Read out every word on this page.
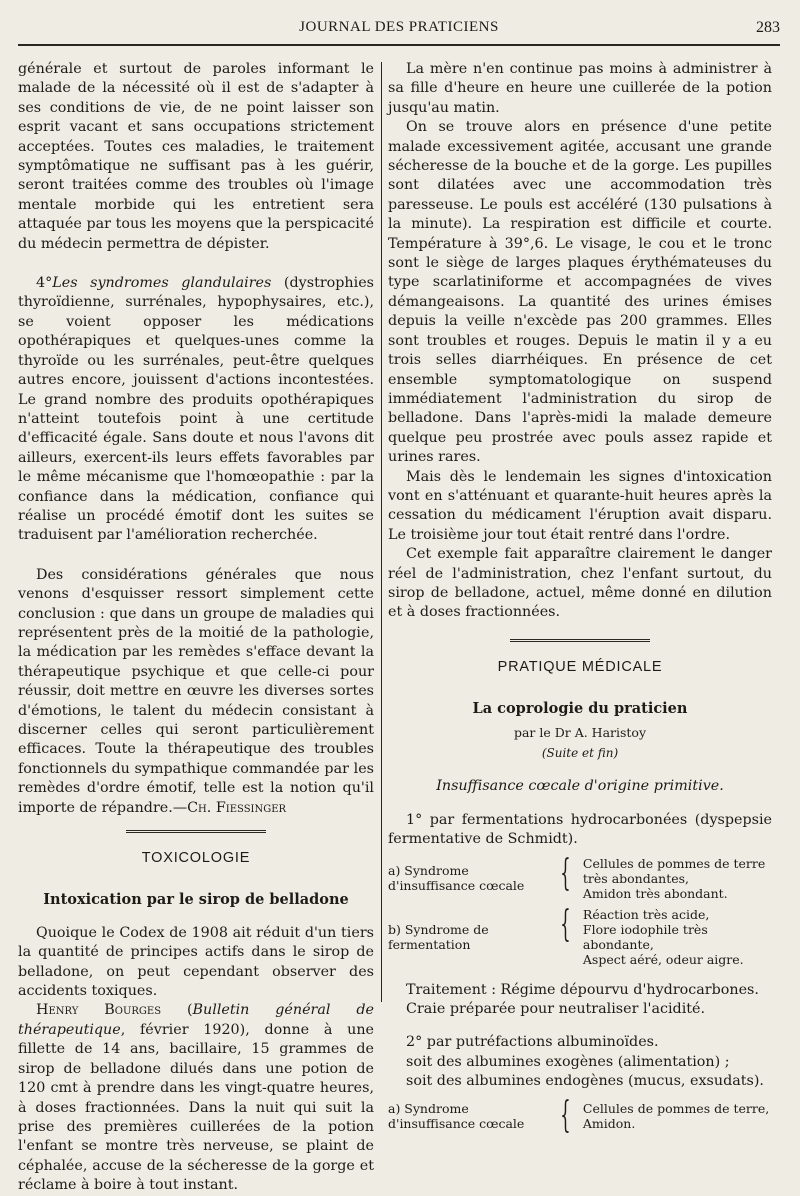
JOURNAL DES PRATICIENS	283

générale et surtout de paroles informant le malade de la nécessité où il est de s'adapter à ses conditions de vie, de ne point laisser son esprit vacant et sans occupations strictement acceptées. Toutes ces maladies, le traitement symptômatique ne suffisant pas à les guérir, seront traitées comme des troubles où l'image mentale morbide qui les entretient sera attaquée par tous les moyens que la perspicacité du médecin permettra de dépister.

4°Les syndromes glandulaires (dystrophies thyroïdienne, surrénales, hypophysaires, etc.), se voient opposer les médications opothérapiques et quelques-unes comme la thyroïde ou les surrénales, peut-être quelques autres encore, jouissent d'actions incontestées. Le grand nombre des produits opothérapiques n'atteint toutefois point à une certitude d'efficacité égale. Sans doute et nous l'avons dit ailleurs, exercent-ils leurs effets favorables par le même mécanisme que l'homœopathie : par la confiance dans la médication, confiance qui réalise un procédé émotif dont les suites se traduisent par l'amélioration recherchée.

Des considérations générales que nous venons d'esquisser ressort simplement cette conclusion : que dans un groupe de maladies qui représentent près de la moitié de la pathologie, la médication par les remèdes s'efface devant la thérapeutique psychique et que celle-ci pour réussir, doit mettre en œuvre les diverses sortes d'émotions, le talent du médecin consistant à discerner celles qui seront particulièrement efficaces. Toute la thérapeutique des troubles fonctionnels du sympathique commandée par les remèdes d'ordre émotif, telle est la notion qu'il importe de répandre.—Ch. Fiessinger

TOXICOLOGIE
Intoxication par le sirop de belladone

Quoique le Codex de 1908 ait réduit d'un tiers la quantité de principes actifs dans le sirop de belladone, on peut cependant observer des accidents toxiques.

Henry Bourges (Bulletin général de thérapeutique, février 1920), donne à une fillette de 14 ans, bacillaire, 15 grammes de sirop de belladone dilués dans une potion de 120 cmt à prendre dans les vingt-quatre heures, à doses fractionnées. Dans la nuit qui suit la prise des premières cuillerées de la potion l'enfant se montre très nerveuse, se plaint de céphalée, accuse de la sécheresse de la gorge et réclame à boire à tout instant.

La mère n'en continue pas moins à administrer à sa fille d'heure en heure une cuillerée de la potion jusqu'au matin.

On se trouve alors en présence d'une petite malade excessivement agitée, accusant une grande sécheresse de la bouche et de la gorge. Les pupilles sont dilatées avec une accommodation très paresseuse. Le pouls est accéléré (130 pulsations à la minute). La respiration est difficile et courte. Température à 39°,6. Le visage, le cou et le tronc sont le siège de larges plaques érythémateuses du type scarlatiniforme et accompagnées de vives démangeaisons. La quantité des urines émises depuis la veille n'excède pas 200 grammes. Elles sont troubles et rouges. Depuis le matin il y a eu trois selles diarrhéiques. En présence de cet ensemble symptomatologique on suspend immédiatement l'administration du sirop de belladone. Dans l'après-midi la malade demeure quelque peu prostrée avec pouls assez rapide et urines rares.

Mais dès le lendemain les signes d'intoxication vont en s'atténuant et quarante-huit heures après la cessation du médicament l'éruption avait disparu. Le troisième jour tout était rentré dans l'ordre.

Cet exemple fait apparaître clairement le danger réel de l'administration, chez l'enfant surtout, du sirop de belladone, actuel, même donné en dilution et à doses fractionnées.

PRATIQUE MÉDICALE
La coprologie du praticien
par le Dr A. Haristoy
(Suite et fin)
Insuffisance cœcale d'origine primitive.

1° par fermentations hydrocarbonées (dyspepsie fermentative de Schmidt).

a) Syndrome d'insuffisance cœcale { Cellules de pommes de terre très abondantes,
Amidon très abondant.
b) Syndrome de fermentation	{ Réaction très acide,
Flore iodophile très abondante,
Aspect aéré, odeur aigre.

Traitement : Régime dépourvu d'hydrocarbones.

Craie préparée pour neutraliser l'acidité.

2° par putréfactions albuminoïdes.

soit des albumines exogènes (alimentation) ;

soit des albumines endogènes (mucus, exsudats).

a) Syndrome d'insuffisance cœcale { Cellules de pommes de terre,
Amidon.
